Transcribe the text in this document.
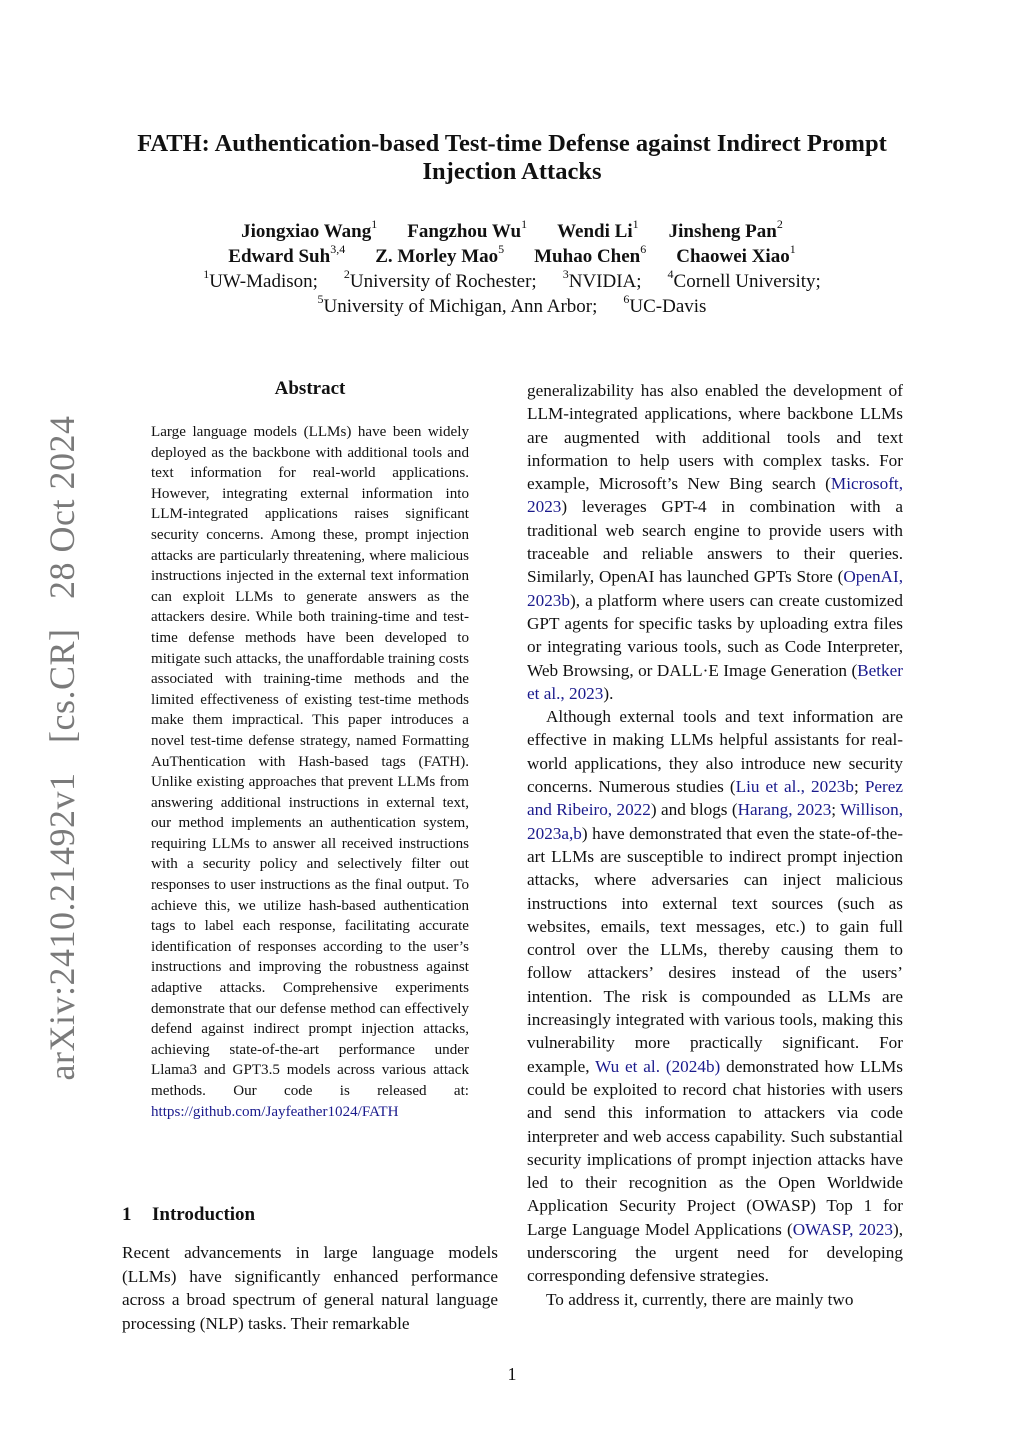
arXiv:2410.21492v1 [cs.CR] 28 Oct 2024
FATH: Authentication-based Test-time Defense against Indirect Prompt
Injection Attacks
Jiongxiao Wang$^1$ Fangzhou Wu$^1$ Wendi Li$^1$ Jinsheng Pan$^2$
Edward Suh$^{3,4}$ Z. Morley Mao$^5$ Muhao Chen$^6$ Chaowei Xiao$^1$
$^1$UW-Madison; $^2$University of Rochester; $^3$NVIDIA; $^4$Cornell University;
$^5$University of Michigan, Ann Arbor; $^6$UC-Davis
Abstract
Large language models (LLMs) have been widely deployed as the backbone with additional tools and text information for real-world applications. However, integrating external information into LLM-integrated applications raises significant security concerns. Among these, prompt injection attacks are particularly threatening, where malicious instructions injected in the external text information can exploit LLMs to generate answers as the attackers desire. While both training-time and test-time defense methods have been developed to mitigate such attacks, the unaffordable training costs associated with training-time methods and the limited effectiveness of existing test-time methods make them impractical. This paper introduces a novel test-time defense strategy, named Formatting AuThentication with Hash-based tags (FATH). Unlike existing approaches that prevent LLMs from answering additional instructions in external text, our method implements an authentication system, requiring LLMs to answer all received instructions with a security policy and selectively filter out responses to user instructions as the final output. To achieve this, we utilize hash-based authentication tags to label each response, facilitating accurate identification of responses according to the user’s instructions and improving the robustness against adaptive attacks. Comprehensive experiments demonstrate that our defense method can effectively defend against indirect prompt injection attacks, achieving state-of-the-art performance under Llama3 and GPT3.5 models across various attack methods. Our code is released at: https://github.com/Jayfeather1024/FATH
1 Introduction
Recent advancements in large language models (LLMs) have significantly enhanced performance across a broad spectrum of general natural language processing (NLP) tasks. Their remarkable

generalizability has also enabled the development of LLM-integrated applications, where backbone LLMs are augmented with additional tools and text information to help users with complex tasks. For example, Microsoft’s New Bing search (Microsoft, 2023) leverages GPT-4 in combination with a traditional web search engine to provide users with traceable and reliable answers to their queries. Similarly, OpenAI has launched GPTs Store (OpenAI, 2023b), a platform where users can create customized GPT agents for specific tasks by uploading extra files or integrating various tools, such as Code Interpreter, Web Browsing, or DALL·E Image Generation (Betker et al., 2023).

Although external tools and text information are effective in making LLMs helpful assistants for real-world applications, they also introduce new security concerns. Numerous studies (Liu et al., 2023b; Perez and Ribeiro, 2022) and blogs (Harang, 2023; Willison, 2023a,b) have demonstrated that even the state-of-the-art LLMs are susceptible to indirect prompt injection attacks, where adversaries can inject malicious instructions into external text sources (such as websites, emails, text messages, etc.) to gain full control over the LLMs, thereby causing them to follow attackers’ desires instead of the users’ intention. The risk is compounded as LLMs are increasingly integrated with various tools, making this vulnerability more practically significant. For example, Wu et al. (2024b) demonstrated how LLMs could be exploited to record chat histories with users and send this information to attackers via code interpreter and web access capability. Such substantial security implications of prompt injection attacks have led to their recognition as the Open Worldwide Application Security Project (OWASP) Top 1 for Large Language Model Applications (OWASP, 2023), underscoring the urgent need for developing corresponding defensive strategies.

To address it, currently, there are mainly two

1
